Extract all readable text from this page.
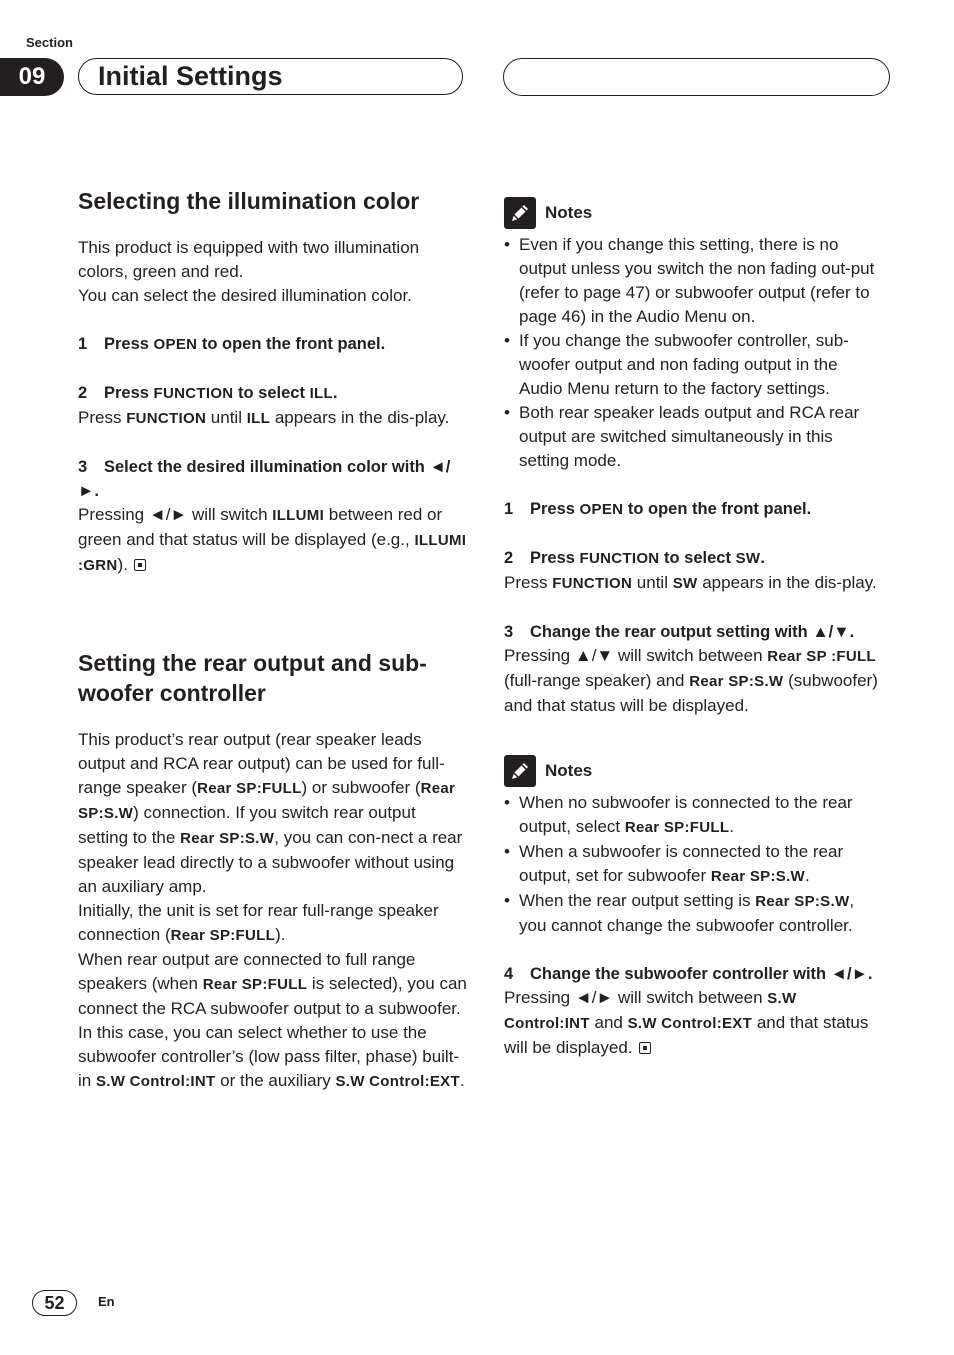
Section
09	Initial Settings
Selecting the illumination color

This product is equipped with two illumination colors, green and red.

You can select the desired illumination color.

1 Press OPEN to open the front panel.

2 Press FUNCTION to select ILL.

Press FUNCTION until ILL appears in the dis-play.

3 Select the desired illumination color with ◄/►.

Pressing ◄/► will switch ILLUMI between red or green and that status will be displayed (e.g., ILLUMI :GRN).

Setting the rear output and sub-woofer controller

This product’s rear output (rear speaker leads output and RCA rear output) can be used for full-range speaker (Rear SP:FULL) or subwoofer (Rear SP:S.W) connection. If you switch rear output setting to the Rear SP:S.W, you can con-nect a rear speaker lead directly to a subwoofer without using an auxiliary amp.

Initially, the unit is set for rear full-range speaker connection (Rear SP:FULL).

When rear output are connected to full range speakers (when Rear SP:FULL is selected), you can connect the RCA subwoofer output to a subwoofer. In this case, you can select whether to use the subwoofer controller’s (low pass filter, phase) built-in S.W Control:INT or the auxiliary S.W Control:EXT.

Notes
• Even if you change this setting, there is no output unless you switch the non fading out-put (refer to page 47) or subwoofer output (refer to page 46) in the Audio Menu on.
• If you change the subwoofer controller, sub-woofer output and non fading output in the Audio Menu return to the factory settings.
• Both rear speaker leads output and RCA rear output are switched simultaneously in this setting mode.

1 Press OPEN to open the front panel.

2 Press FUNCTION to select SW.

Press FUNCTION until SW appears in the dis-play.

3 Change the rear output setting with ▲/▼.

Pressing ▲/▼ will switch between Rear SP :FULL (full-range speaker) and Rear SP:S.W (subwoofer) and that status will be displayed.

Notes
• When no subwoofer is connected to the rear output, select Rear SP:FULL.
• When a subwoofer is connected to the rear output, set for subwoofer Rear SP:S.W.
• When the rear output setting is Rear SP:S.W, you cannot change the subwoofer controller.

4 Change the subwoofer controller with ◄/►.

Pressing ◄/► will switch between S.W Control:INT and S.W Control:EXT and that status will be displayed.

52	En
